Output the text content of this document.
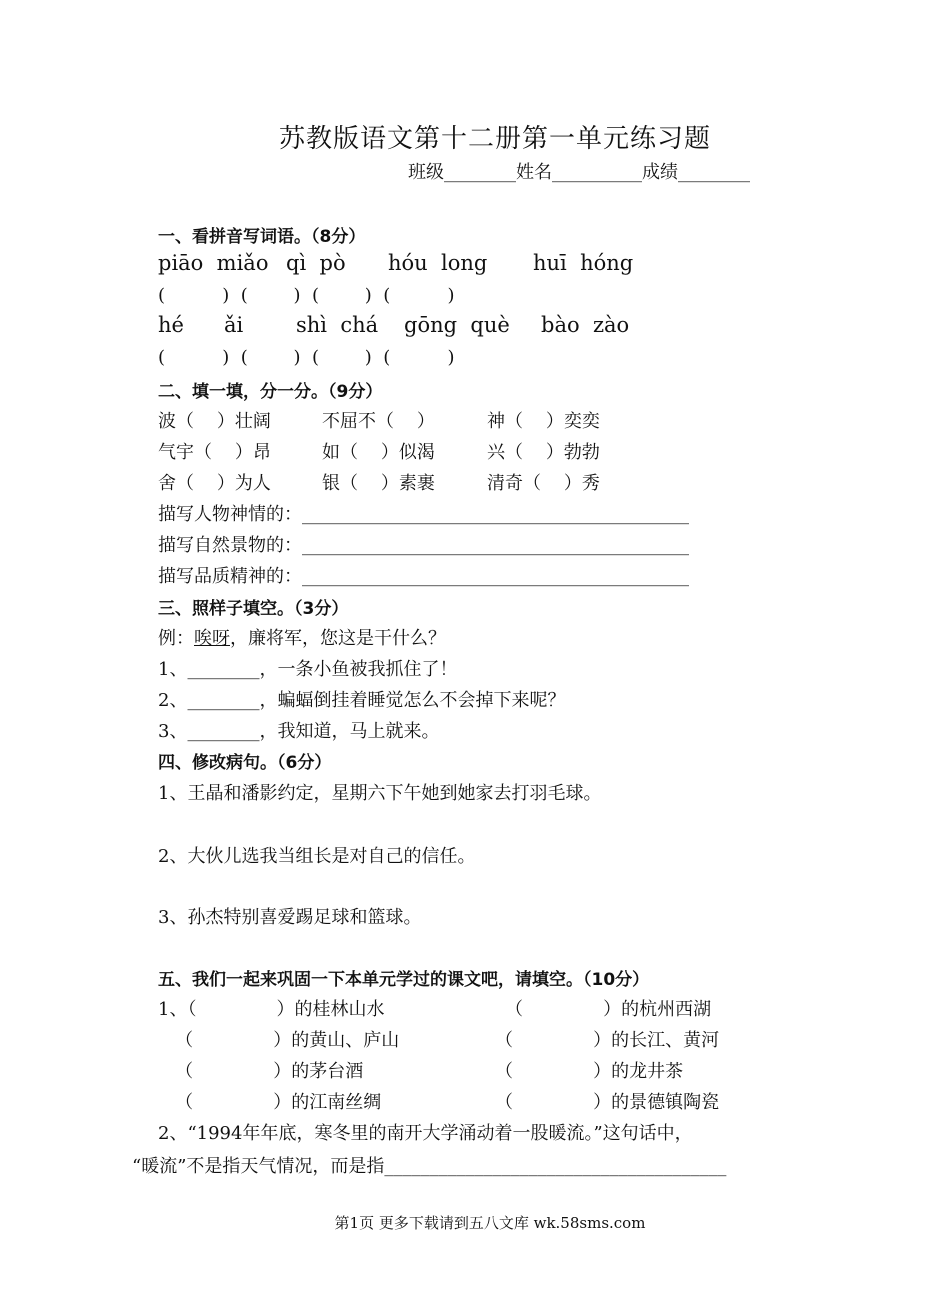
苏教版语文第十二册第一单元练习题
班级________姓名__________成绩________
一、看拼音写词语。（8分）
piāo  miǎo qì  pò hóu  long huī  hóng
(          )  (        )  (        )  (          )
hé      ǎi	shì  chá gōng  què bào  zào
(          )  (        )  (        )  (          )
二、填一填，分一分。（9分）
波（    ）壮阔	不屈不（    ）	神（    ）奕奕
气宇（    ）昂	如（    ）似渴	兴（    ）勃勃
舍（    ）为人	银（    ）素裹	清奇（    ）秀
描写人物神情的：___________________________________________
描写自然景物的：___________________________________________
描写品质精神的：___________________________________________
三、照样子填空。（3分）
例：唉呀，廉将军，您这是干什么？
1、________，一条小鱼被我抓住了！
2、________，蝙蝠倒挂着睡觉怎么不会掉下来呢？
3、________，我知道，马上就来。
四、修改病句。（6分）
1、王晶和潘影约定，星期六下午她到她家去打羽毛球。
2、大伙儿选我当组长是对自己的信任。
3、孙杰特别喜爱踢足球和篮球。
五、我们一起来巩固一下本单元学过的课文吧，请填空。（10分）
1、（              ）的桂林山水	（              ）的杭州西湖
（              ）的黄山、庐山	（              ）的长江、黄河
（              ）的茅台酒	（              ）的龙井茶
（              ）的江南丝绸	（              ）的景德镇陶瓷
2、“1994年年底，寒冬里的南开大学涌动着一股暖流。”这句话中，
“暖流”不是指天气情况，而是指______________________________________
第1页 更多下载请到五八文库 wk.58sms.com
